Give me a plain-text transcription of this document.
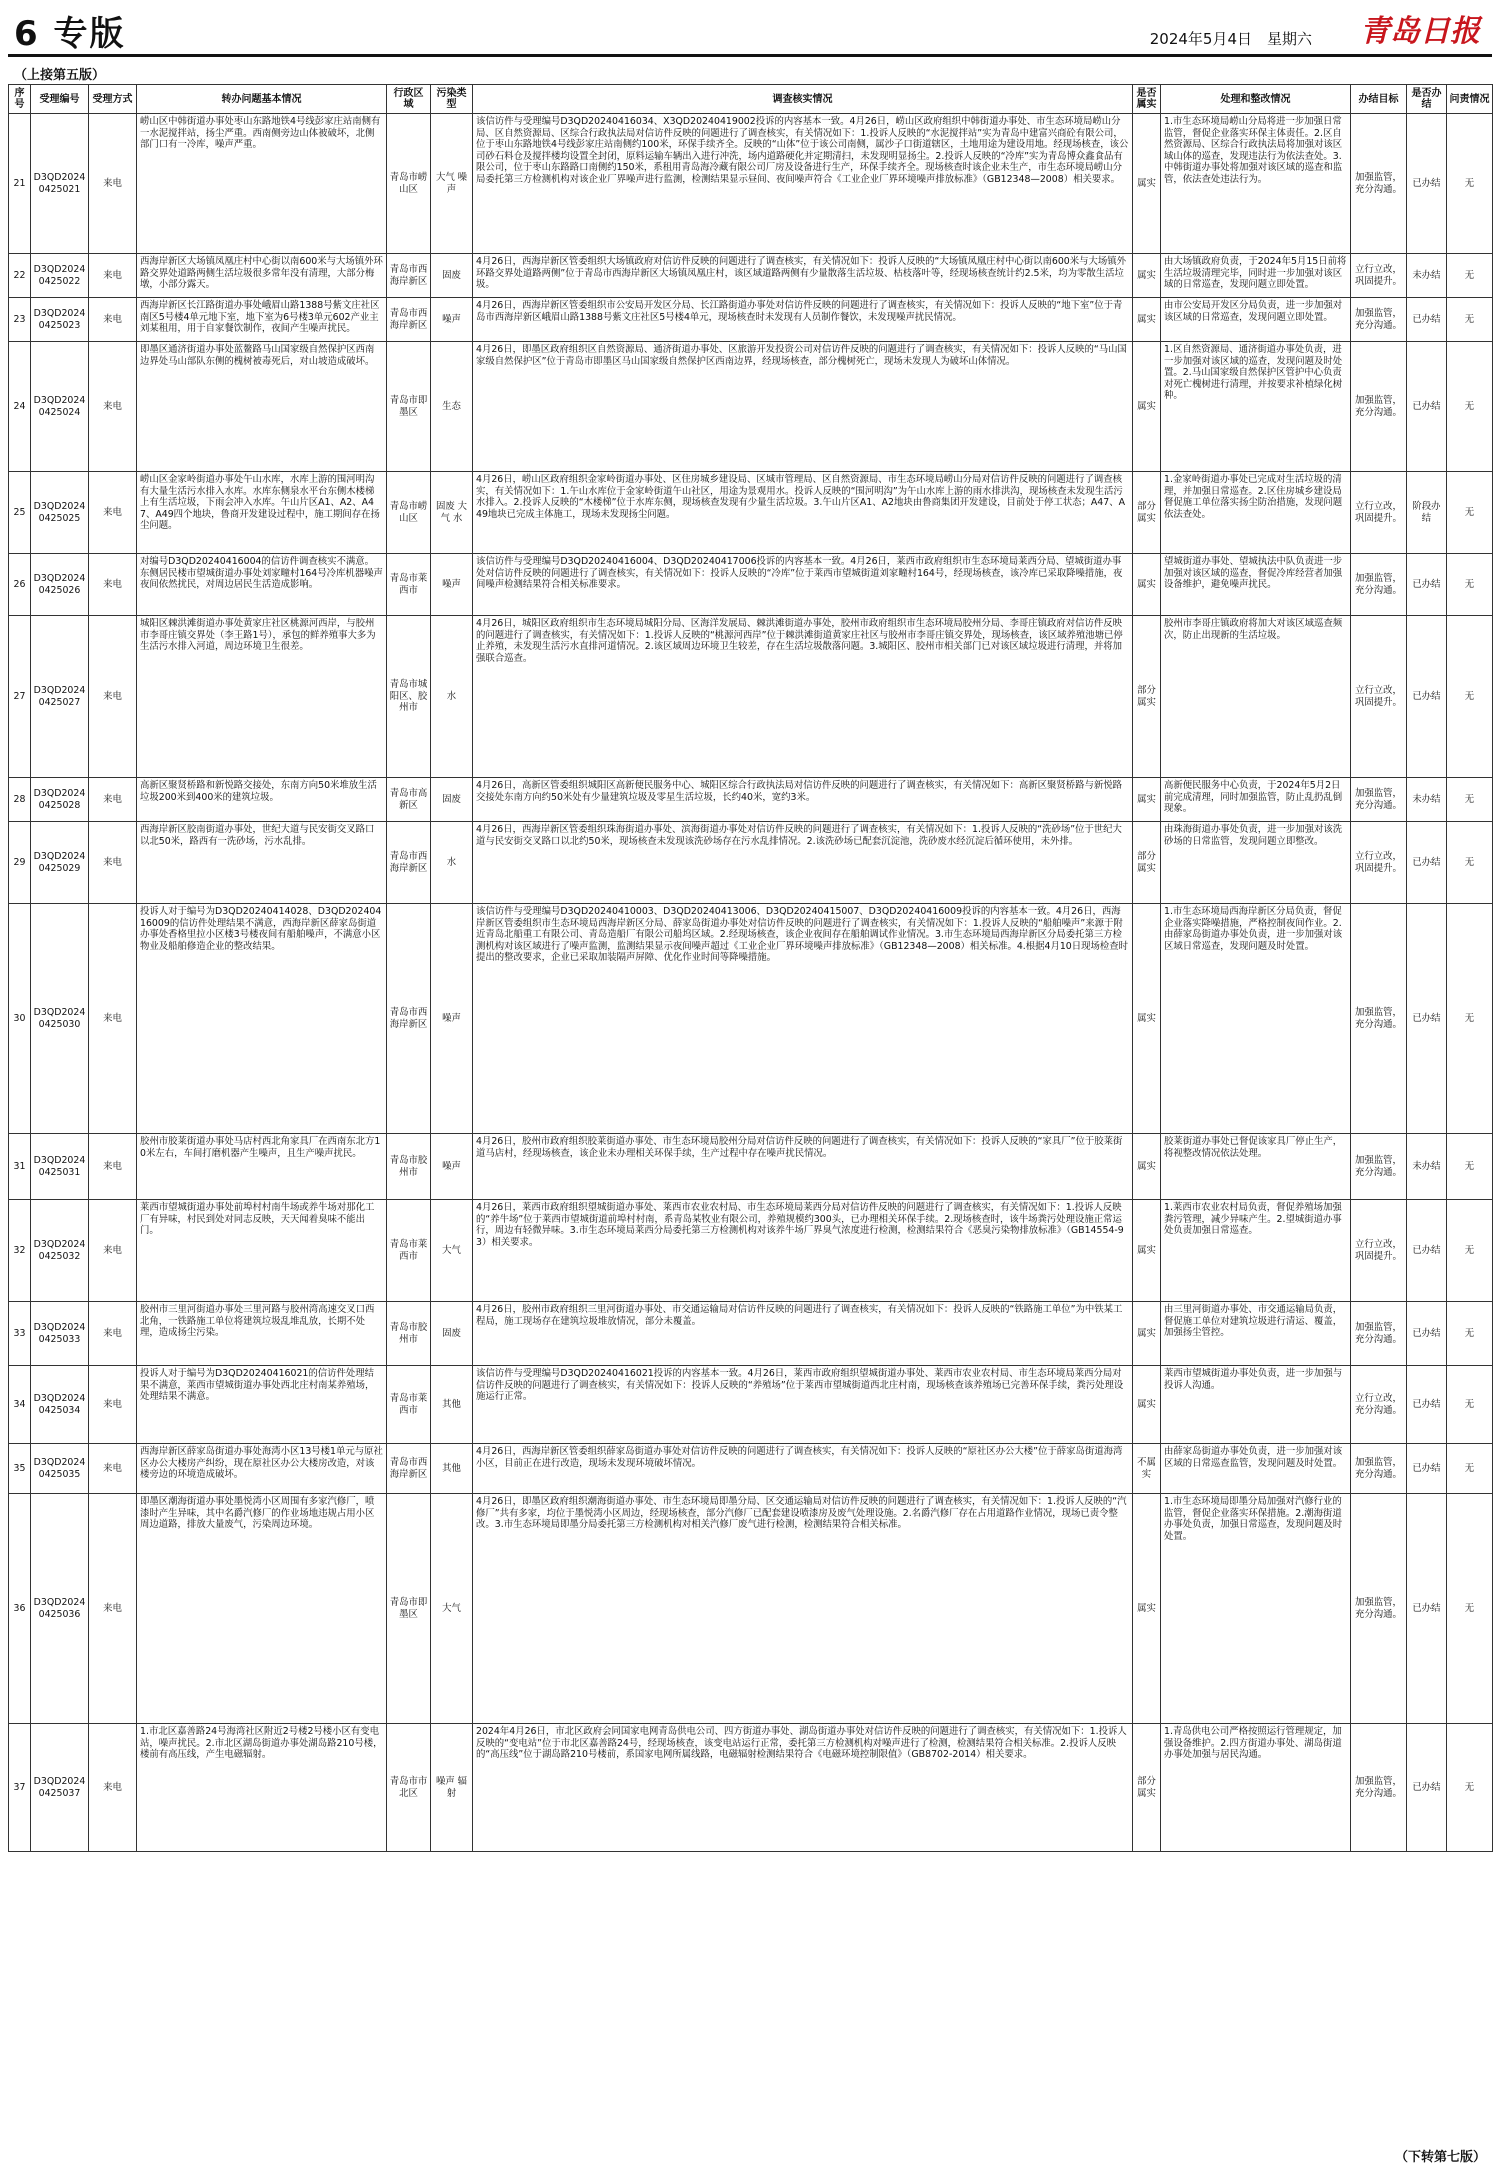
6 专版	2024年5月4日　星期六 青岛日报
（上接第五版）
序号	受理编号	受理方式	转办问题基本情况	行政区域	污染类型	调查核实情况	是否属实	处理和整改情况	办结目标	是否办结	问责情况
21	D3QD2024 0425021	来电	崂山区中韩街道办事处枣山东路地铁4号线彭家庄站南侧有一水泥搅拌站，扬尘严重。西南侧旁边山体被破坏，北侧部门口有一冷库，噪声严重。	青岛市崂山区	大气 噪声	该信访件与受理编号D3QD20240416034、X3QD20240419002投诉的内容基本一致。4月26日，崂山区政府组织中韩街道办事处、市生态环境局崂山分局、区自然资源局、区综合行政执法局对信访件反映的问题进行了调查核实，有关情况如下：1.投诉人反映的“水泥搅拌站”实为青岛中建富兴商砼有限公司，位于枣山东路地铁4号线彭家庄站南侧约100米，环保手续齐全。反映的“山体”位于该公司南侧，属沙子口街道辖区，土地用途为建设用地。经现场核查，该公司砂石料仓及搅拌楼均设置全封闭，原料运输车辆出入进行冲洗，场内道路硬化并定期清扫，未发现明显扬尘。2.投诉人反映的“冷库”实为青岛博众鑫食品有限公司，位于枣山东路路口南侧约150米，系租用青岛海冷藏有限公司厂房及设备进行生产，环保手续齐全。现场核查时该企业未生产，市生态环境局崂山分局委托第三方检测机构对该企业厂界噪声进行监测，检测结果显示昼间、夜间噪声符合《工业企业厂界环境噪声排放标准》（GB12348—2008）相关要求。	属实	1.市生态环境局崂山分局将进一步加强日常监管，督促企业落实环保主体责任。2.区自然资源局、区综合行政执法局将加强对该区域山体的巡查，发现违法行为依法查处。3.中韩街道办事处将加强对该区域的巡查和监管，依法查处违法行为。	加强监管，充分沟通。	已办结	无
22	D3QD2024 0425022	来电	西海岸新区大场镇凤凰庄村中心街以南600米与大场镇外环路交界处道路两侧生活垃圾很多常年没有清理，大部分梅墩，小部分露天。	青岛市西海岸新区	固废	4月26日，西海岸新区管委组织大场镇政府对信访件反映的问题进行了调查核实，有关情况如下：投诉人反映的“大场镇凤凰庄村中心街以南600米与大场镇外环路交界处道路两侧”位于青岛市西海岸新区大场镇凤凰庄村，该区域道路两侧有少量散落生活垃圾、枯枝落叶等，经现场核查统计约2.5米，均为零散生活垃圾。	属实	由大场镇政府负责，于2024年5月15日前将生活垃圾清理完毕，同时进一步加强对该区域的日常巡查，发现问题立即处置。	立行立改，巩固提升。	未办结	无
23	D3QD2024 0425023	来电	西海岸新区长江路街道办事处峨眉山路1388号紫文庄社区南区5号楼4单元地下室，地下室为6号楼3单元602产业主刘某租用，用于自家餐饮制作，夜间产生噪声扰民。	青岛市西海岸新区	噪声	4月26日，西海岸新区管委组织市公安局开发区分局、长江路街道办事处对信访件反映的问题进行了调查核实，有关情况如下：投诉人反映的“地下室”位于青岛市西海岸新区峨眉山路1388号紫文庄社区5号楼4单元，现场核查时未发现有人员制作餐饮，未发现噪声扰民情况。	属实	由市公安局开发区分局负责，进一步加强对该区域的日常巡查，发现问题立即处置。	加强监管，充分沟通。	已办结	无
24	D3QD2024 0425024	来电	即墨区通济街道办事处蓝鳌路马山国家级自然保护区西南边界处马山部队东侧的槐树被毒死后，对山坡造成破坏。	青岛市即墨区	生态	4月26日，即墨区政府组织区自然资源局、通济街道办事处、区旅游开发投资公司对信访件反映的问题进行了调查核实，有关情况如下：投诉人反映的“马山国家级自然保护区”位于青岛市即墨区马山国家级自然保护区西南边界，经现场核查，部分槐树死亡，现场未发现人为破坏山体情况。	属实	1.区自然资源局、通济街道办事处负责，进一步加强对该区域的巡查，发现问题及时处置。2.马山国家级自然保护区管护中心负责对死亡槐树进行清理，并按要求补植绿化树种。	加强监管，充分沟通。	已办结	无
25	D3QD2024 0425025	来电	崂山区金家岭街道办事处午山水库，水库上游的围河明沟有大量生活污水排入水库。水库东侧泉水平台东侧木楼梯上有生活垃圾，下雨会冲入水库。午山片区A1、A2、A47、A49四个地块，鲁商开发建设过程中，施工期间存在扬尘问题。	青岛市崂山区	固废 大气 水	4月26日，崂山区政府组织金家岭街道办事处、区住房城乡建设局、区城市管理局、区自然资源局、市生态环境局崂山分局对信访件反映的问题进行了调查核实，有关情况如下：1.午山水库位于金家岭街道午山社区，用途为景观用水。投诉人反映的“围河明沟”为午山水库上游的雨水排洪沟，现场核查未发现生活污水排入。2.投诉人反映的“木楼梯”位于水库东侧，现场核查发现有少量生活垃圾。3.午山片区A1、A2地块由鲁商集团开发建设，目前处于停工状态；A47、A49地块已完成主体施工，现场未发现扬尘问题。	部分属实	1.金家岭街道办事处已完成对生活垃圾的清理，并加强日常巡查。2.区住房城乡建设局督促施工单位落实扬尘防治措施，发现问题依法查处。	立行立改，巩固提升。	阶段办结	无
26	D3QD2024 0425026	来电	对编号D3QD20240416004的信访件调查核实不满意。东侧居民楼市望城街道办事处刘家疃村164号冷库机器噪声夜间依然扰民，对周边居民生活造成影响。	青岛市莱西市	噪声	该信访件与受理编号D3QD20240416004、D3QD20240417006投诉的内容基本一致。4月26日，莱西市政府组织市生态环境局莱西分局、望城街道办事处对信访件反映的问题进行了调查核实，有关情况如下：投诉人反映的“冷库”位于莱西市望城街道刘家疃村164号，经现场核查，该冷库已采取降噪措施，夜间噪声检测结果符合相关标准要求。	属实	望城街道办事处、望城执法中队负责进一步加强对该区域的巡查，督促冷库经营者加强设备维护，避免噪声扰民。	加强监管，充分沟通。	已办结	无
27	D3QD2024 0425027	来电	城阳区棘洪滩街道办事处黄家庄社区桃源河西岸，与胶州市李哥庄镇交界处（李王路1号），承包的鲜养殖事大多为生活污水排入河道，周边环境卫生很差。	青岛市城阳区、胶州市	水	4月26日，城阳区政府组织市生态环境局城阳分局、区海洋发展局、棘洪滩街道办事处，胶州市政府组织市生态环境局胶州分局、李哥庄镇政府对信访件反映的问题进行了调查核实，有关情况如下：1.投诉人反映的“桃源河西岸”位于棘洪滩街道黄家庄社区与胶州市李哥庄镇交界处，现场核查，该区域养殖池塘已停止养殖，未发现生活污水直排河道情况。2.该区域周边环境卫生较差，存在生活垃圾散落问题。3.城阳区、胶州市相关部门已对该区域垃圾进行清理，并将加强联合巡查。	部分属实	胶州市李哥庄镇政府将加大对该区域巡查频次，防止出现新的生活垃圾。	立行立改，巩固提升。	已办结	无
28	D3QD2024 0425028	来电	高新区聚贤桥路和新悦路交接处，东南方向50米堆放生活垃圾200米到400米的建筑垃圾。	青岛市高新区	固废	4月26日，高新区管委组织城阳区高新便民服务中心、城阳区综合行政执法局对信访件反映的问题进行了调查核实，有关情况如下：高新区聚贤桥路与新悦路交接处东南方向约50米处有少量建筑垃圾及零星生活垃圾，长约40米，宽约3米。	属实	高新便民服务中心负责，于2024年5月2日前完成清理，同时加强监管，防止乱扔乱倒现象。	加强监管，充分沟通。	未办结	无
29	D3QD2024 0425029	来电	西海岸新区胶南街道办事处，世纪大道与民安街交叉路口以北50米，路西有一洗砂场，污水乱排。	青岛市西海岸新区	水	4月26日，西海岸新区管委组织珠海街道办事处、滨海街道办事处对信访件反映的问题进行了调查核实，有关情况如下：1.投诉人反映的“洗砂场”位于世纪大道与民安街交叉路口以北约50米，现场核查未发现该洗砂场存在污水乱排情况。2.该洗砂场已配套沉淀池，洗砂废水经沉淀后循环使用，未外排。	部分属实	由珠海街道办事处负责，进一步加强对该洗砂场的日常监管，发现问题立即整改。	立行立改，巩固提升。	已办结	无
30	D3QD2024 0425030	来电	投诉人对于编号为D3QD20240414028、D3QD20240416009的信访件处理结果不满意，西海岸新区薛家岛街道办事处香格里拉小区楼3号楼夜间有船舶噪声，不满意小区物业及船舶修造企业的整改结果。	青岛市西海岸新区	噪声	该信访件与受理编号D3QD20240410003、D3QD20240413006、D3QD20240415007、D3QD20240416009投诉的内容基本一致。4月26日，西海岸新区管委组织市生态环境局西海岸新区分局、薛家岛街道办事处对信访件反映的问题进行了调查核实，有关情况如下：1.投诉人反映的“船舶噪声”来源于附近青岛北船重工有限公司、青岛造船厂有限公司船坞区域。2.经现场核查，该企业夜间存在船舶调试作业情况。3.市生态环境局西海岸新区分局委托第三方检测机构对该区域进行了噪声监测，监测结果显示夜间噪声超过《工业企业厂界环境噪声排放标准》（GB12348—2008）相关标准。4.根据4月10日现场检查时提出的整改要求，企业已采取加装隔声屏障、优化作业时间等降噪措施。	属实	1.市生态环境局西海岸新区分局负责，督促企业落实降噪措施，严格控制夜间作业。2.由薛家岛街道办事处负责，进一步加强对该区域日常巡查，发现问题及时处置。	加强监管，充分沟通。	已办结	无
31	D3QD2024 0425031	来电	胶州市胶莱街道办事处马店村西北角家具厂在西南东北方10米左右，车间打磨机器产生噪声，且生产噪声扰民。	青岛市胶州市	噪声	4月26日，胶州市政府组织胶莱街道办事处、市生态环境局胶州分局对信访件反映的问题进行了调查核实，有关情况如下：投诉人反映的“家具厂”位于胶莱街道马店村，经现场核查，该企业未办理相关环保手续，生产过程中存在噪声扰民情况。	属实	胶莱街道办事处已督促该家具厂停止生产，将视整改情况依法处理。	加强监管，充分沟通。	未办结	无
32	D3QD2024 0425032	来电	莱西市望城街道办事处前埠村村南牛场或养牛场对那化工厂有异味，村民到处对同志反映，天天闻着臭味不能出门。	青岛市莱西市	大气	4月26日，莱西市政府组织望城街道办事处、莱西市农业农村局、市生态环境局莱西分局对信访件反映的问题进行了调查核实，有关情况如下：1.投诉人反映的“养牛场”位于莱西市望城街道前埠村村南，系青岛某牧业有限公司，养殖规模约300头，已办理相关环保手续。2.现场核查时，该牛场粪污处理设施正常运行，周边有轻微异味。3.市生态环境局莱西分局委托第三方检测机构对该养牛场厂界臭气浓度进行检测，检测结果符合《恶臭污染物排放标准》（GB14554-93）相关要求。	属实	1.莱西市农业农村局负责，督促养殖场加强粪污管理，减少异味产生。2.望城街道办事处负责加强日常巡查。	立行立改，巩固提升。	已办结	无
33	D3QD2024 0425033	来电	胶州市三里河街道办事处三里河路与胶州湾高速交叉口西北角，一铁路施工单位将建筑垃圾乱堆乱放，长期不处理，造成扬尘污染。	青岛市胶州市	固废	4月26日，胶州市政府组织三里河街道办事处、市交通运输局对信访件反映的问题进行了调查核实，有关情况如下：投诉人反映的“铁路施工单位”为中铁某工程局，施工现场存在建筑垃圾堆放情况，部分未覆盖。	属实	由三里河街道办事处、市交通运输局负责，督促施工单位对建筑垃圾进行清运、覆盖，加强扬尘管控。	加强监管，充分沟通。	已办结	无
34	D3QD2024 0425034	来电	投诉人对于编号为D3QD20240416021的信访件处理结果不满意，莱西市望城街道办事处西北庄村南某养殖场，处理结果不满意。	青岛市莱西市	其他	该信访件与受理编号D3QD20240416021投诉的内容基本一致。4月26日，莱西市政府组织望城街道办事处、莱西市农业农村局、市生态环境局莱西分局对信访件反映的问题进行了调查核实，有关情况如下：投诉人反映的“养殖场”位于莱西市望城街道西北庄村南，现场核查该养殖场已完善环保手续，粪污处理设施运行正常。	属实	莱西市望城街道办事处负责，进一步加强与投诉人沟通。	立行立改，充分沟通。	已办结	无
35	D3QD2024 0425035	来电	西海岸新区薛家岛街道办事处海湾小区13号楼1单元与原社区办公大楼房产纠纷，现在原社区办公大楼房改造，对该楼旁边的环境造成破坏。	青岛市西海岸新区	其他	4月26日，西海岸新区管委组织薛家岛街道办事处对信访件反映的问题进行了调查核实，有关情况如下：投诉人反映的“原社区办公大楼”位于薛家岛街道海湾小区，目前正在进行改造，现场未发现环境破坏情况。	不属实	由薛家岛街道办事处负责，进一步加强对该区域的日常巡查监管，发现问题及时处置。	加强监管，充分沟通。	已办结	无
36	D3QD2024 0425036	来电	即墨区潮海街道办事处墨悦湾小区周围有多家汽修厂，喷漆时产生异味，其中名爵汽修厂的作业场地违规占用小区周边道路，排放大量废气，污染周边环境。	青岛市即墨区	大气	4月26日，即墨区政府组织潮海街道办事处、市生态环境局即墨分局、区交通运输局对信访件反映的问题进行了调查核实，有关情况如下：1.投诉人反映的“汽修厂”共有多家，均位于墨悦湾小区周边，经现场核查，部分汽修厂已配套建设喷漆房及废气处理设施。2.名爵汽修厂存在占用道路作业情况，现场已责令整改。3.市生态环境局即墨分局委托第三方检测机构对相关汽修厂废气进行检测，检测结果符合相关标准。	属实	1.市生态环境局即墨分局加强对汽修行业的监管，督促企业落实环保措施。2.潮海街道办事处负责，加强日常巡查，发现问题及时处置。	加强监管，充分沟通。	已办结	无
37	D3QD2024 0425037	来电	1.市北区嘉善路24号海湾社区附近2号楼2号楼小区有变电站，噪声扰民。2.市北区湖岛街道办事处湖岛路210号楼，楼前有高压线，产生电磁辐射。	青岛市市北区	噪声 辐射	2024年4月26日，市北区政府会同国家电网青岛供电公司、四方街道办事处、湖岛街道办事处对信访件反映的问题进行了调查核实，有关情况如下：1.投诉人反映的“变电站”位于市北区嘉善路24号，经现场核查，该变电站运行正常，委托第三方检测机构对噪声进行了检测，检测结果符合相关标准。2.投诉人反映的“高压线”位于湖岛路210号楼前，系国家电网所属线路，电磁辐射检测结果符合《电磁环境控制限值》（GB8702-2014）相关要求。	部分属实	1.青岛供电公司严格按照运行管理规定，加强设备维护。2.四方街道办事处、湖岛街道办事处加强与居民沟通。	加强监管，充分沟通。	已办结	无
（下转第七版）
